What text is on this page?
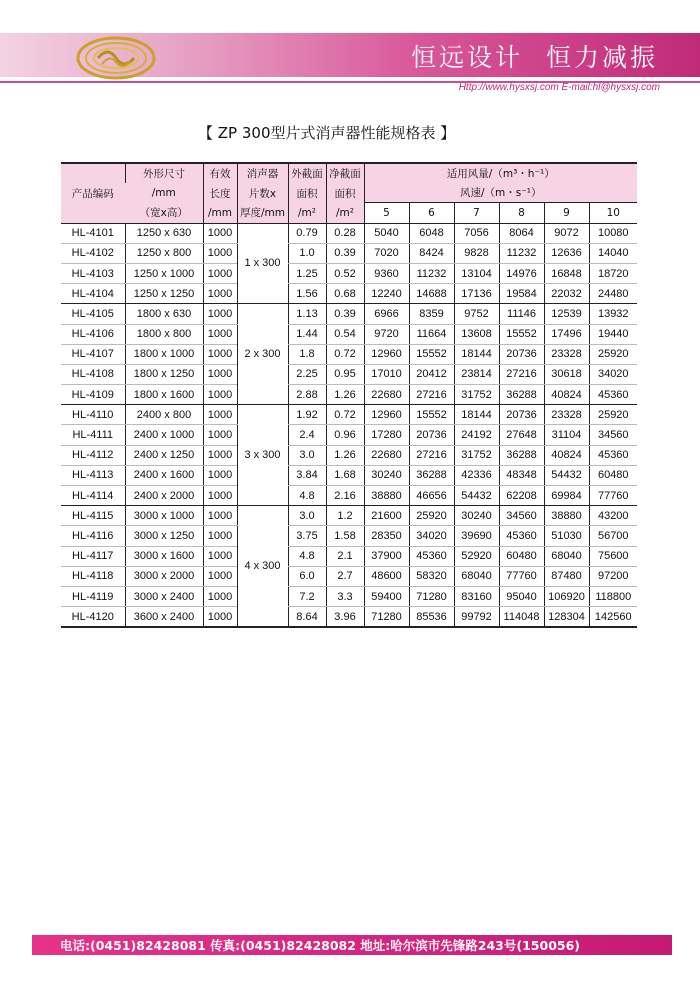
恒远设计 恒力减振
Http://www.hysxsj.com E-mail:hl@hysxsj.com
【 ZP 300型片式消声器性能规格表 】
产品编码	外形尺寸	有效	消声器	外截面	净截面	适用风量/（m³・h⁻¹）					
	/mm	长度	片数x	面积	面积	风速/（m・s⁻¹）					
	（宽x高）	/mm	厚度/mm	/m²	/m²	5	6	7	8	9	10
HL-4101	1250 x 630	1000	1 x 300	0.79	0.28	5040	6048	7056	8064	9072	10080
HL-4102	1250 x 800	1000		1.0	0.39	7020	8424	9828	11232	12636	14040
HL-4103	1250 x 1000	1000		1.25	0.52	9360	11232	13104	14976	16848	18720
HL-4104	1250 x 1250	1000		1.56	0.68	12240	14688	17136	19584	22032	24480
HL-4105	1800 x 630	1000	2 x 300	1.13	0.39	6966	8359	9752	11146	12539	13932
HL-4106	1800 x 800	1000		1.44	0.54	9720	11664	13608	15552	17496	19440
HL-4107	1800 x 1000	1000		1.8	0.72	12960	15552	18144	20736	23328	25920
HL-4108	1800 x 1250	1000		2.25	0.95	17010	20412	23814	27216	30618	34020
HL-4109	1800 x 1600	1000		2.88	1.26	22680	27216	31752	36288	40824	45360
HL-4110	2400 x 800	1000	3 x 300	1.92	0.72	12960	15552	18144	20736	23328	25920
HL-4111	2400 x 1000	1000		2.4	0.96	17280	20736	24192	27648	31104	34560
HL-4112	2400 x 1250	1000		3.0	1.26	22680	27216	31752	36288	40824	45360
HL-4113	2400 x 1600	1000		3.84	1.68	30240	36288	42336	48348	54432	60480
HL-4114	2400 x 2000	1000		4.8	2.16	38880	46656	54432	62208	69984	77760
HL-4115	3000 x 1000	1000	4 x 300	3.0	1.2	21600	25920	30240	34560	38880	43200
HL-4116	3000 x 1250	1000		3.75	1.58	28350	34020	39690	45360	51030	56700
HL-4117	3000 x 1600	1000		4.8	2.1	37900	45360	52920	60480	68040	75600
HL-4118	3000 x 2000	1000		6.0	2.7	48600	58320	68040	77760	87480	97200
HL-4119	3000 x 2400	1000		7.2	3.3	59400	71280	83160	95040	106920	118800
HL-4120	3600 x 2400	1000		8.64	3.96	71280	85536	99792	114048	128304	142560
电话:(0451)82428081 传真:(0451)82428082 地址:哈尔滨市先锋路243号(150056)
